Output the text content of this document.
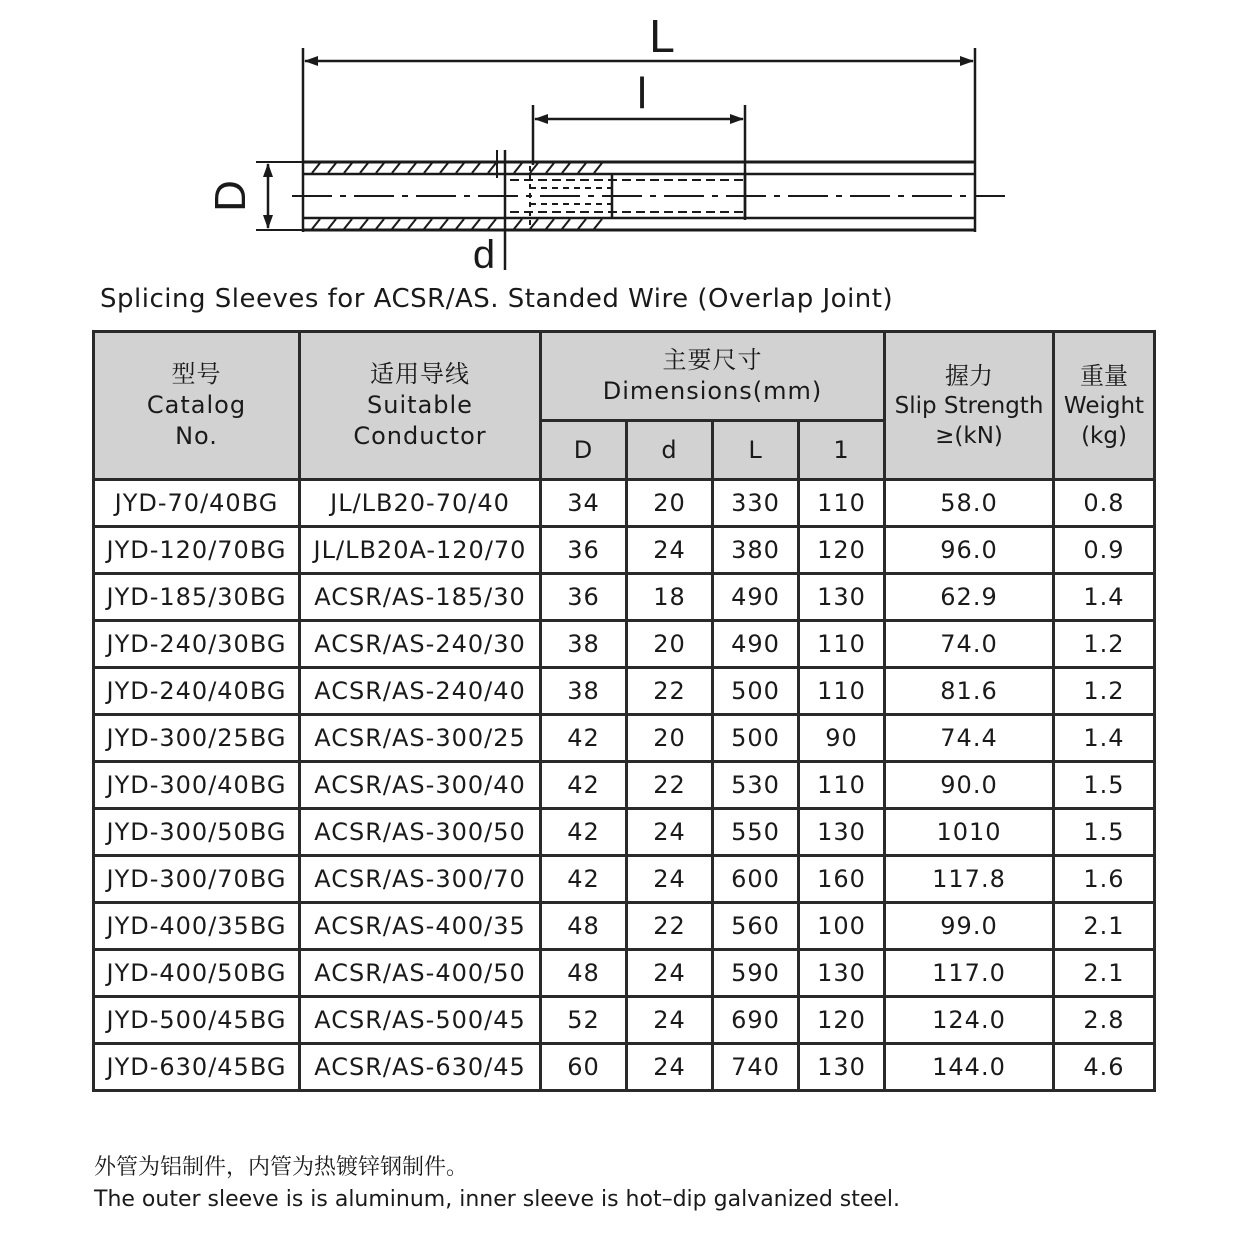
L
l
D
d
Splicing Sleeves for ACSR/AS. Standed Wire (Overlap Joint)
型号
Catalog
No.	适用导线
Suitable
Conductor	主要尺寸
Dimensions(mm)				握力
Slip Strength
≥(kN)	重量
Weight
(kg)

		D	d	L	1		
JYD-70/40BG	JL/LB20-70/40	34	20	330	110	58.0	0.8
JYD-120/70BG	JL/LB20A-120/70	36	24	380	120	96.0	0.9
JYD-185/30BG	ACSR/AS-185/30	36	18	490	130	62.9	1.4
JYD-240/30BG	ACSR/AS-240/30	38	20	490	110	74.0	1.2
JYD-240/40BG	ACSR/AS-240/40	38	22	500	110	81.6	1.2
JYD-300/25BG	ACSR/AS-300/25	42	20	500	90	74.4	1.4
JYD-300/40BG	ACSR/AS-300/40	42	22	530	110	90.0	1.5
JYD-300/50BG	ACSR/AS-300/50	42	24	550	130	1010	1.5
JYD-300/70BG	ACSR/AS-300/70	42	24	600	160	117.8	1.6
JYD-400/35BG	ACSR/AS-400/35	48	22	560	100	99.0	2.1
JYD-400/50BG	ACSR/AS-400/50	48	24	590	130	117.0	2.1
JYD-500/45BG	ACSR/AS-500/45	52	24	690	120	124.0	2.8
JYD-630/45BG	ACSR/AS-630/45	60	24	740	130	144.0	4.6
外管为铝制件，内管为热镀锌钢制件。
The outer sleeve is is aluminum, inner sleeve is hot–dip galvanized steel.
